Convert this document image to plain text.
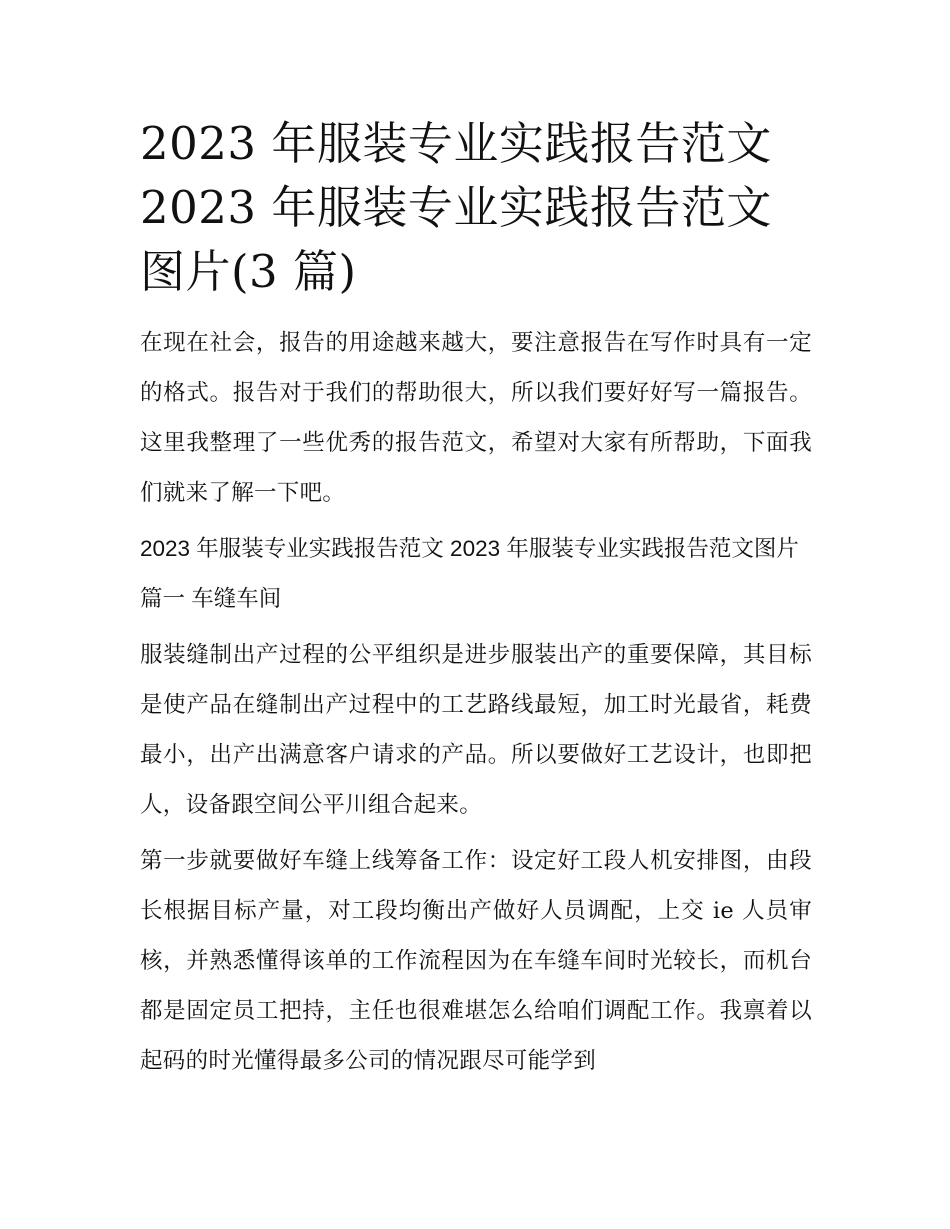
2023 年服装专业实践报告范文 2023 年服装专业实践报告范文图片(3 篇)

在现在社会，报告的用途越来越大，要注意报告在写作时具有一定的格式。报告对于我们的帮助很大，所以我们要好好写一篇报告。这里我整理了一些优秀的报告范文，希望对大家有所帮助，下面我们就来了解一下吧。

2023 年服装专业实践报告范文 2023 年服装专业实践报告范文图片篇一 车缝车间

服装缝制出产过程的公平组织是进步服装出产的重要保障，其目标是使产品在缝制出产过程中的工艺路线最短，加工时光最省，耗费最小，出产出满意客户请求的产品。所以要做好工艺设计，也即把人，设备跟空间公平川组合起来。

第一步就要做好车缝上线筹备工作：设定好工段人机安排图，由段长根据目标产量，对工段均衡出产做好人员调配，上交 ie 人员审核，并熟悉懂得该单的工作流程因为在车缝车间时光较长，而机台都是固定员工把持，主任也很难堪怎么给咱们调配工作。我禀着以起码的时光懂得最多公司的情况跟尽可能学到
